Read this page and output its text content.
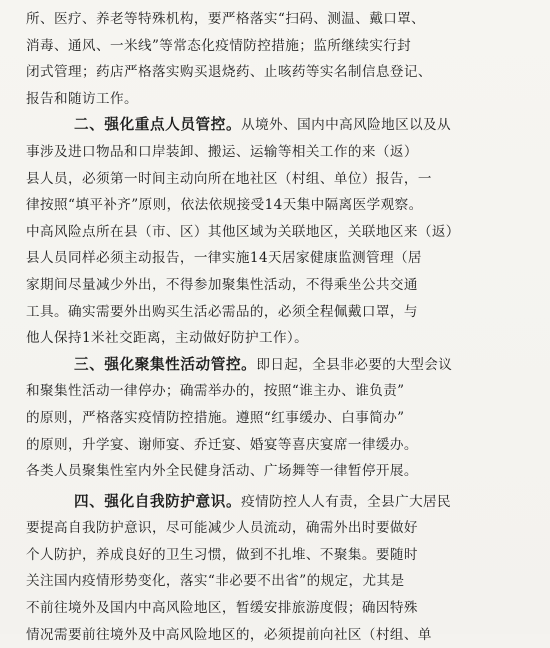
所、医疗、养老等特殊机构，要严格落实“扫码、测温、戴口罩、
消毒、通风、一米线”等常态化疫情防控措施；监所继续实行封
闭式管理；药店严格落实购买退烧药、止咳药等实名制信息登记、
报告和随访工作。
二、强化重点人员管控。从境外、国内中高风险地区以及从
事涉及进口物品和口岸装卸、搬运、运输等相关工作的来（返）
县人员，必须第一时间主动向所在地社区（村组、单位）报告，一
律按照“填平补齐”原则，依法依规接受14天集中隔离医学观察。
中高风险点所在县（市、区）其他区域为关联地区，关联地区来（返）
县人员同样必须主动报告，一律实施14天居家健康监测管理（居
家期间尽量减少外出，不得参加聚集性活动，不得乘坐公共交通
工具。确实需要外出购买生活必需品的，必须全程佩戴口罩，与
他人保持1米社交距离，主动做好防护工作）。
三、强化聚集性活动管控。即日起，全县非必要的大型会议
和聚集性活动一律停办；确需举办的，按照“谁主办、谁负责”
的原则，严格落实疫情防控措施。遵照“红事缓办、白事简办”
的原则，升学宴、谢师宴、乔迁宴、婚宴等喜庆宴席一律缓办。
各类人员聚集性室内外全民健身活动、广场舞等一律暂停开展。
四、强化自我防护意识。疫情防控人人有责，全县广大居民
要提高自我防护意识，尽可能减少人员流动，确需外出时要做好
个人防护，养成良好的卫生习惯，做到不扎堆、不聚集。要随时
关注国内疫情形势变化，落实“非必要不出省”的规定，尤其是
不前往境外及国内中高风险地区，暂缓安排旅游度假；确因特殊
情况需要前往境外及中高风险地区的，必须提前向社区（村组、单
